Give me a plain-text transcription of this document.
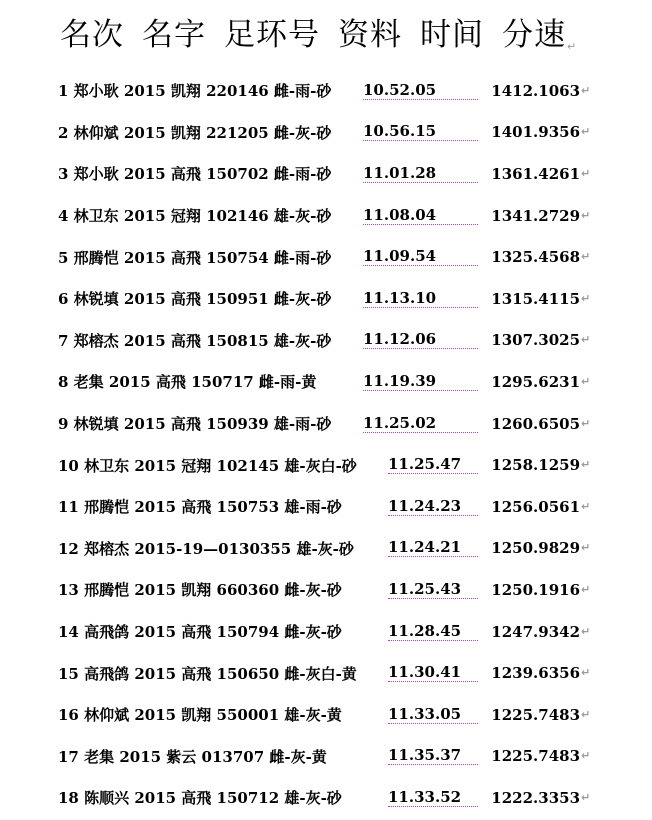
名次 名字 足环号 资料 时间 分速↵
1 郑小耿 2015 凯翔 220146 雌-雨-砂	10.52.05	1412.1063 ↵
2 林仰斌 2015 凯翔 221205 雌-灰-砂	10.56.15	1401.9356 ↵
3 郑小耿 2015 高飛 150702 雌-雨-砂	11.01.28	1361.4261 ↵
4 林卫东 2015 冠翔 102146 雄-灰-砂	11.08.04	1341.2729 ↵
5 邢腾恺 2015 高飛 150754 雌-雨-砂	11.09.54	1325.4568 ↵
6 林锐填 2015 高飛 150951 雌-灰-砂	11.13.10	1315.4115 ↵
7 郑榕杰 2015 高飛 150815 雄-灰-砂	11.12.06	1307.3025 ↵
8 老集 2015 高飛 150717 雌-雨-黄	11.19.39	1295.6231 ↵
9 林锐填 2015 高飛 150939 雄-雨-砂	11.25.02	1260.6505 ↵
10 林卫东 2015 冠翔 102145 雄-灰白-砂	11.25.47	1258.1259 ↵
11 邢腾恺 2015 高飛 150753 雄-雨-砂	11.24.23	1256.0561 ↵
12 郑榕杰 2015-19—0130355 雄-灰-砂	11.24.21	1250.9829 ↵
13 邢腾恺 2015 凯翔 660360 雌-灰-砂	11.25.43	1250.1916 ↵
14 高飛鸽 2015 高飛 150794 雌-灰-砂	11.28.45	1247.9342 ↵
15 高飛鸽 2015 高飛 150650 雌-灰白-黄	11.30.41	1239.6356 ↵
16 林仰斌 2015 凯翔 550001 雄-灰-黄	11.33.05	1225.7483 ↵
17 老集 2015 紫云 013707 雌-灰-黄	11.35.37	1225.7483 ↵
18 陈顺兴 2015 高飛 150712 雄-灰-砂	11.33.52	1222.3353 ↵
